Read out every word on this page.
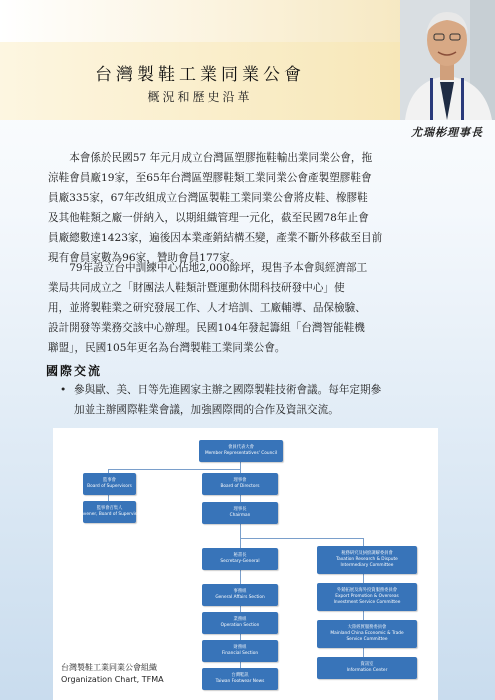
台灣製鞋工業同業公會
概況和歷史沿革
尤瑞彬理事長
本會係於民國57 年元月成立台灣區塑膠拖鞋輸出業同業公會，拖
涼鞋會員廠19家，至65年台灣區塑膠鞋類工業同業公會產製塑膠鞋會
員廠335家，67年改組成立台灣區製鞋工業同業公會將皮鞋、橡膠鞋
及其他鞋類之廠一併納入，以期組織管理一元化，截至民國78年止會
員廠總數達1423家，遍後因本業產銷結構丕變，產業不斷外移截至目前
現有會員家數為96家，贊助會員177家。
79年設立台中訓練中心佔地2,000餘坪，現售予本會與經濟部工
業局共同成立之「財團法人鞋類計暨運動休閒科技研發中心」使
用，並將製鞋業之研究發展工作、人才培訓、工廠輔導、品保檢驗、
設計開發等業務交該中心辦理。民國104年發起籌組「台灣智能鞋機
聯盟」，民國105年更名為台灣製鞋工業同業公會。
國際交流
• 參與歐、美、日等先進國家主辦之國際製鞋技術會議。每年定期參
加並主辦國際鞋業會議，加強國際間的合作及資訊交流。
會員代表大會
Member Representatives' Council
監事會
Board of Supervisors
監事會召集人
Convener, Board of Supervisors
理事會
Board of Directors
理事長
Chairman
秘書長
Secretary-General
事務組
General Affairs Section
業務組
Operation Section
財務組
Financial Section
台灣鞋訊
Taiwan Footwear News
稅務研究及糾紛調解委員會
Taxation Research & Dispute
Intermediary Committee
外銷拓展及海外投資服務委員會
Export Promotion & Overseas
Investment Service Committee
大陸經貿服務委員會
Mainland China Economic & Trade
Service Committee
資訊室
Information Center
台灣製鞋工業同業公會組織
Organization Chart, TFMA
